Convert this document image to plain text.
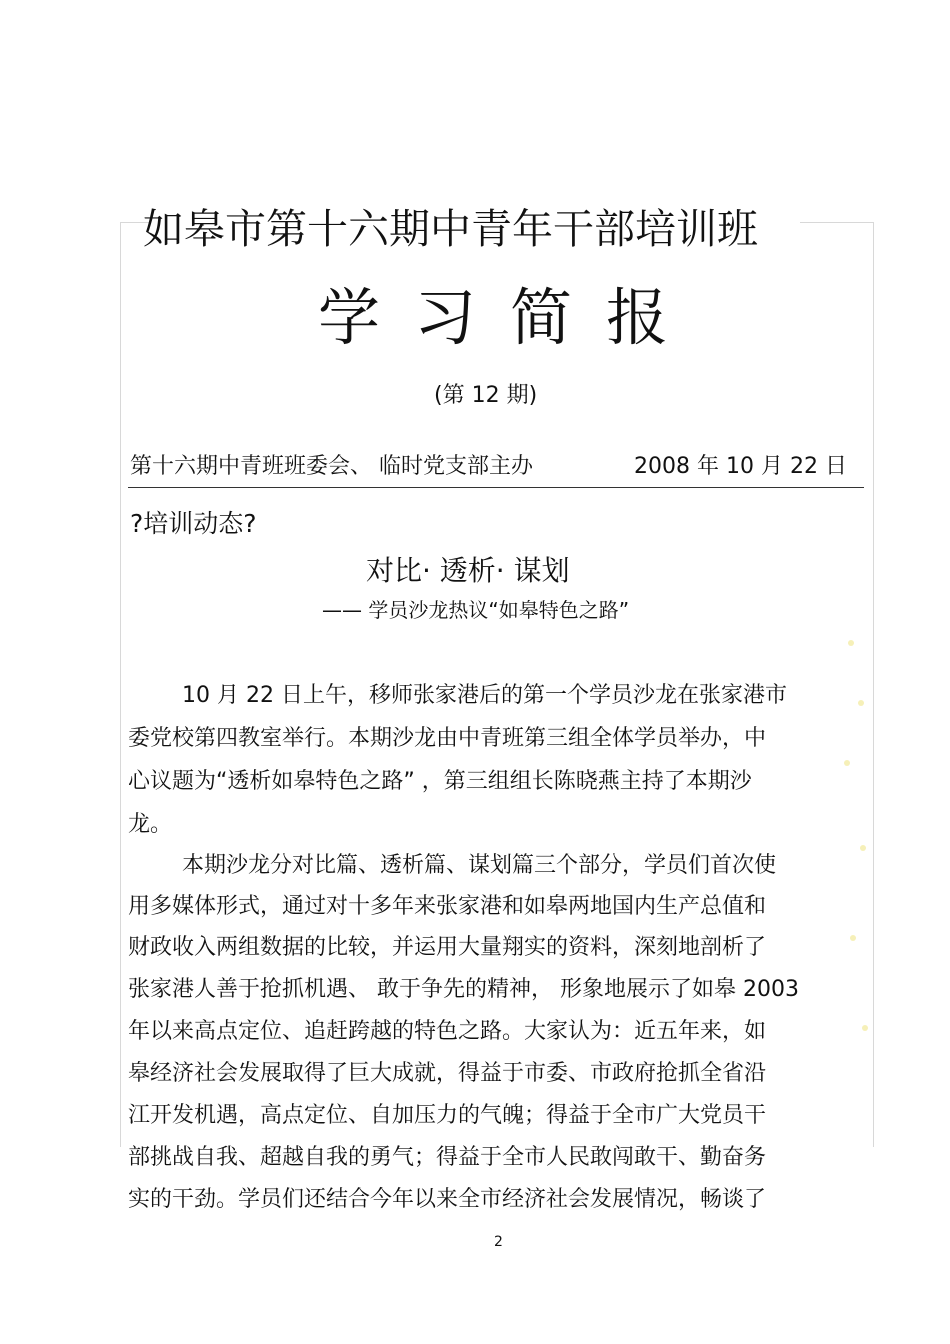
如皋市第十六期中青年干部培训班
学习简报
(第 12 期)
第十六期中青班班委会、 临时党支部主办	2008 年 10 月 22 日
?培训动态?
对比· 透析· 谋划
—— 学员沙龙热议“如皋特色之路”
10 月 22 日上午，移师张家港后的第一个学员沙龙在张家港市
委党校第四教室举行。本期沙龙由中青班第三组全体学员举办，中
心议题为“透析如皋特色之路” ，第三组组长陈晓燕主持了本期沙
龙。
本期沙龙分对比篇、透析篇、谋划篇三个部分，学员们首次使
用多媒体形式，通过对十多年来张家港和如皋两地国内生产总值和
财政收入两组数据的比较，并运用大量翔实的资料，深刻地剖析了
张家港人善于抢抓机遇、 敢于争先的精神， 形象地展示了如皋 2003
年以来高点定位、追赶跨越的特色之路。大家认为：近五年来，如
皋经济社会发展取得了巨大成就，得益于市委、市政府抢抓全省沿
江开发机遇，高点定位、自加压力的气魄；得益于全市广大党员干
部挑战自我、超越自我的勇气；得益于全市人民敢闯敢干、勤奋务
实的干劲。学员们还结合今年以来全市经济社会发展情况，畅谈了
2
